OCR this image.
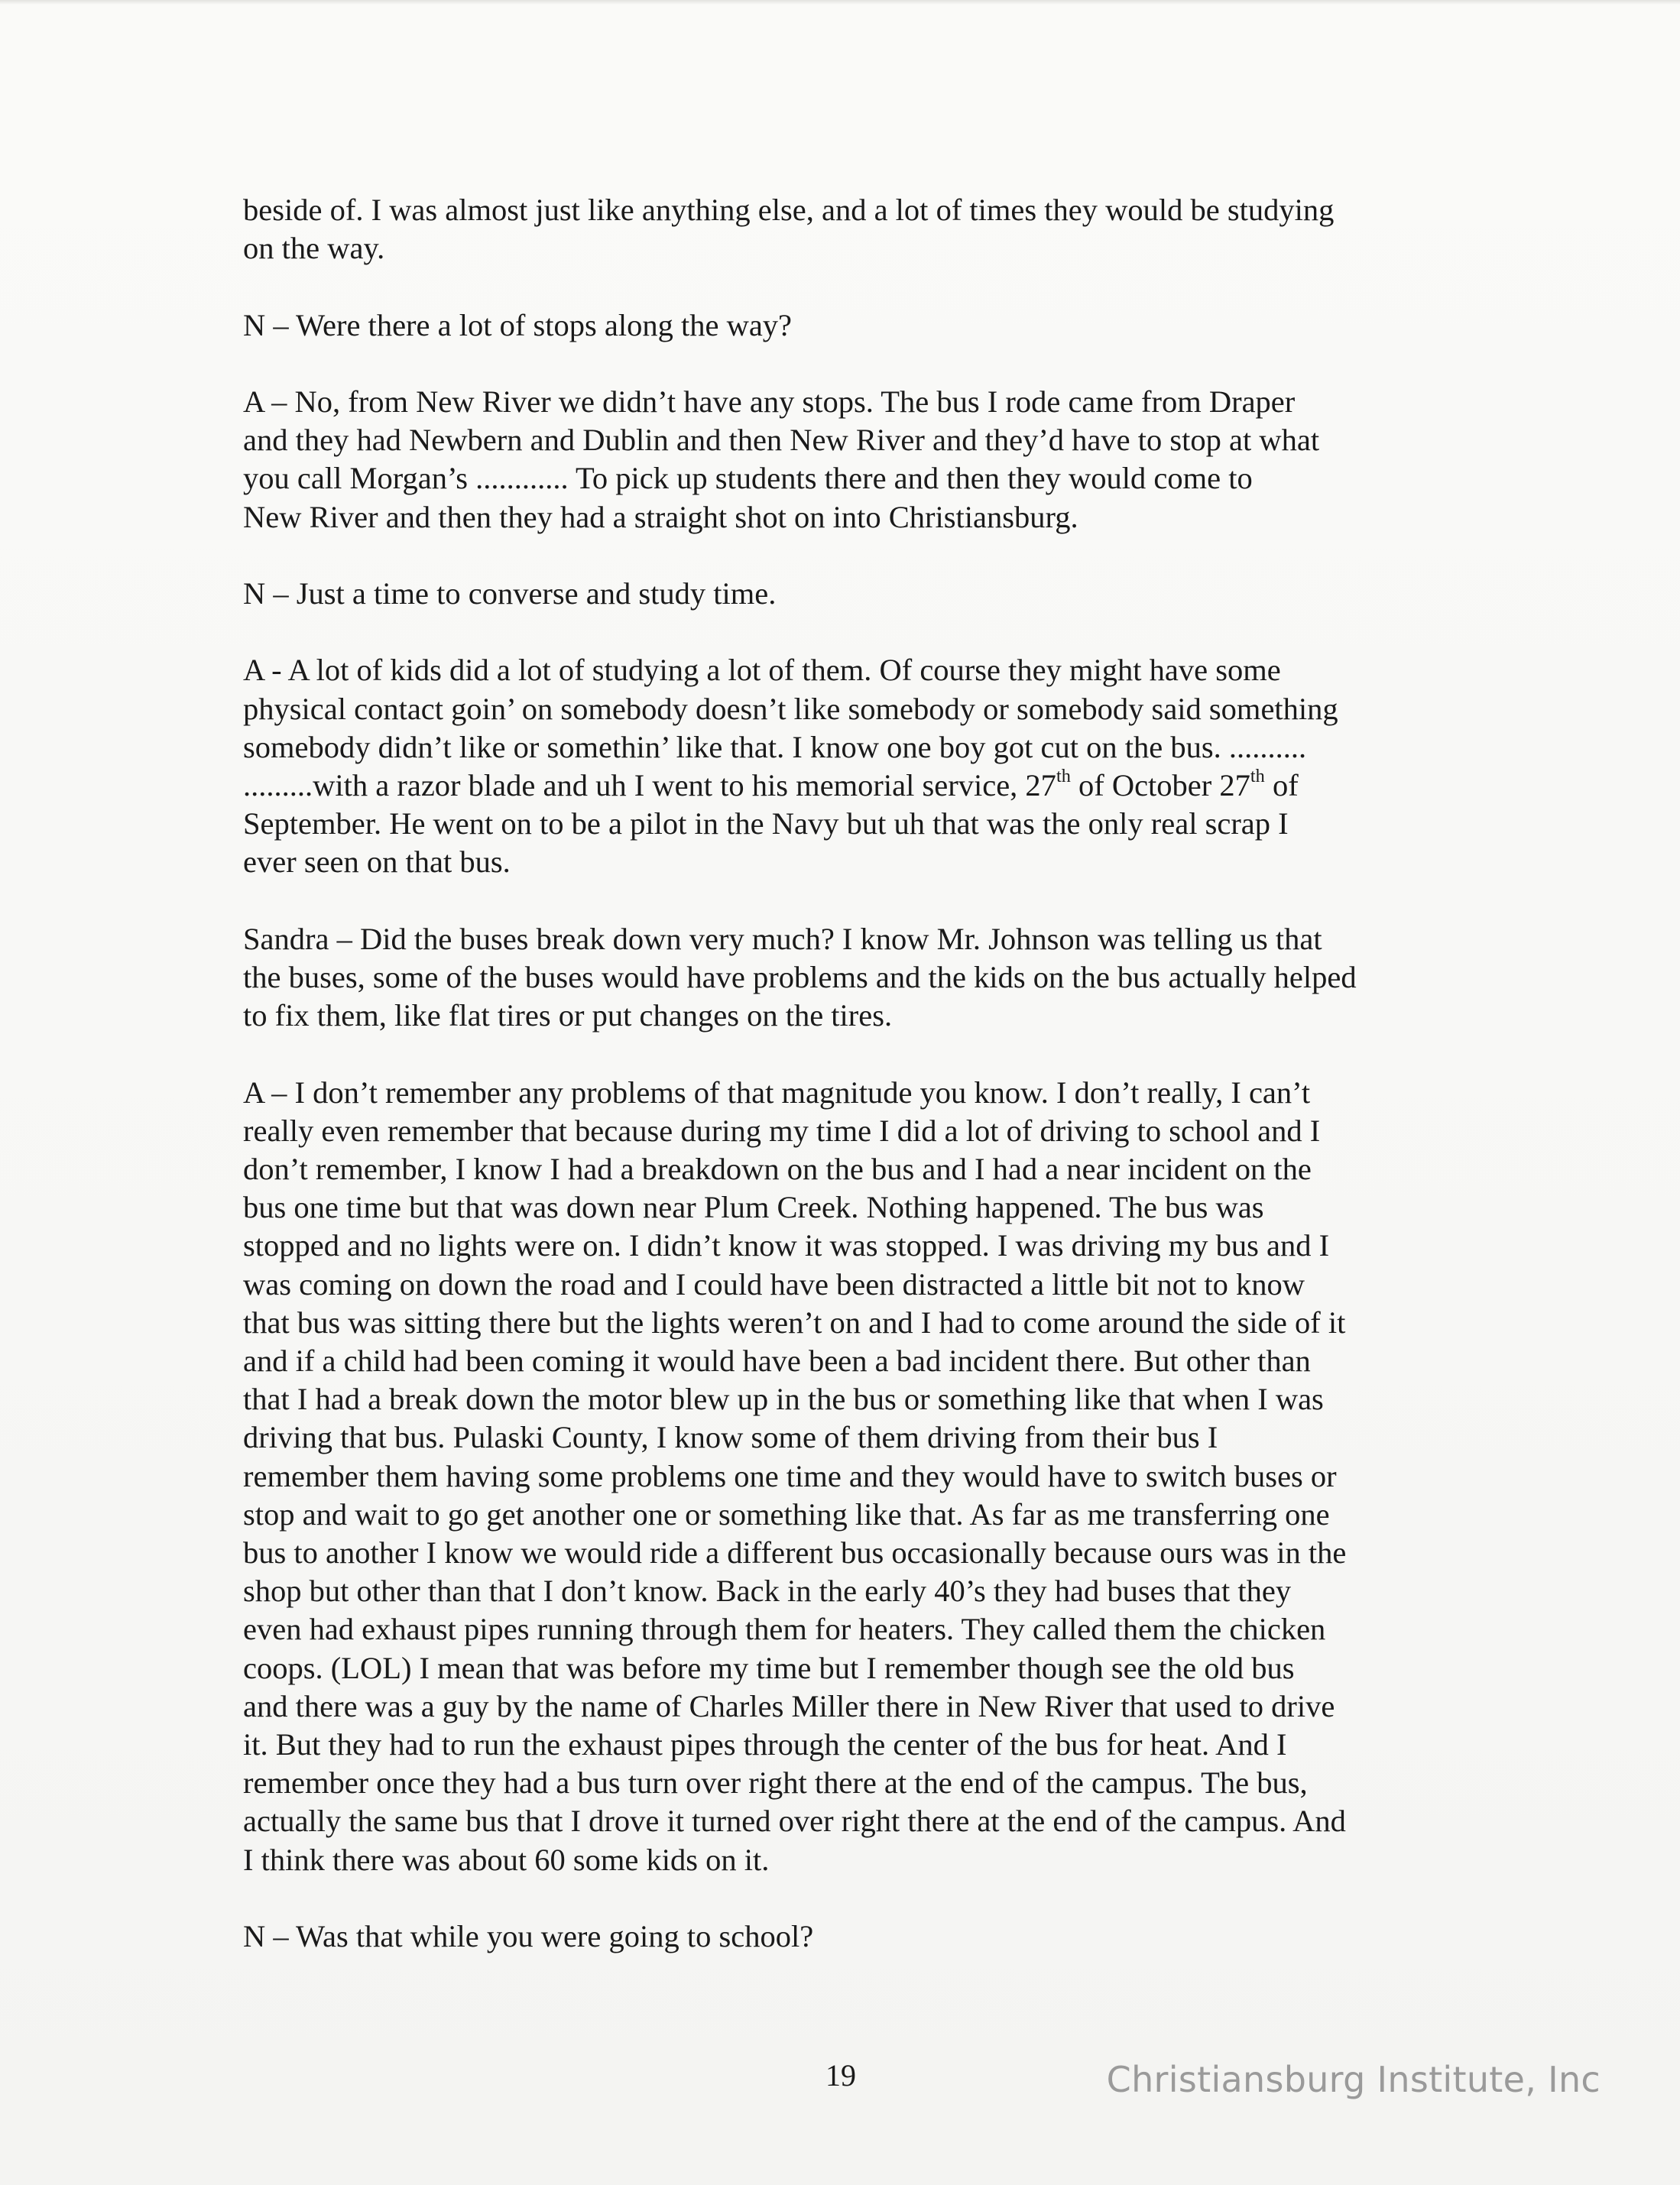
beside of. I was almost just like anything else, and a lot of times they would be studying
on the way.

N – Were there a lot of stops along the way?

A – No, from New River we didn’t have any stops. The bus I rode came from Draper
and they had Newbern and Dublin and then New River and they’d have to stop at what
you call Morgan’s ............ To pick up students there and then they would come to
New River and then they had a straight shot on into Christiansburg.

N – Just a time to converse and study time.

A - A lot of kids did a lot of studying a lot of them. Of course they might have some
physical contact goin’ on somebody doesn’t like somebody or somebody said something
somebody didn’t like or somethin’ like that. I know one boy got cut on the bus. ..........
.........with a razor blade and uh I went to his memorial service, 27th of October 27th of
September. He went on to be a pilot in the Navy but uh that was the only real scrap I
ever seen on that bus.

Sandra – Did the buses break down very much? I know Mr. Johnson was telling us that
the buses, some of the buses would have problems and the kids on the bus actually helped
to fix them, like flat tires or put changes on the tires.

A – I don’t remember any problems of that magnitude you know. I don’t really, I can’t
really even remember that because during my time I did a lot of driving to school and I
don’t remember, I know I had a breakdown on the bus and I had a near incident on the
bus one time but that was down near Plum Creek. Nothing happened. The bus was
stopped and no lights were on. I didn’t know it was stopped. I was driving my bus and I
was coming on down the road and I could have been distracted a little bit not to know
that bus was sitting there but the lights weren’t on and I had to come around the side of it
and if a child had been coming it would have been a bad incident there. But other than
that I had a break down the motor blew up in the bus or something like that when I was
driving that bus. Pulaski County, I know some of them driving from their bus I
remember them having some problems one time and they would have to switch buses or
stop and wait to go get another one or something like that. As far as me transferring one
bus to another I know we would ride a different bus occasionally because ours was in the
shop but other than that I don’t know. Back in the early 40’s they had buses that they
even had exhaust pipes running through them for heaters. They called them the chicken
coops. (LOL) I mean that was before my time but I remember though see the old bus
and there was a guy by the name of Charles Miller there in New River that used to drive
it. But they had to run the exhaust pipes through the center of the bus for heat. And I
remember once they had a bus turn over right there at the end of the campus. The bus,
actually the same bus that I drove it turned over right there at the end of the campus. And
I think there was about 60 some kids on it.

N – Was that while you were going to school?

19	Christiansburg Institute, Inc
